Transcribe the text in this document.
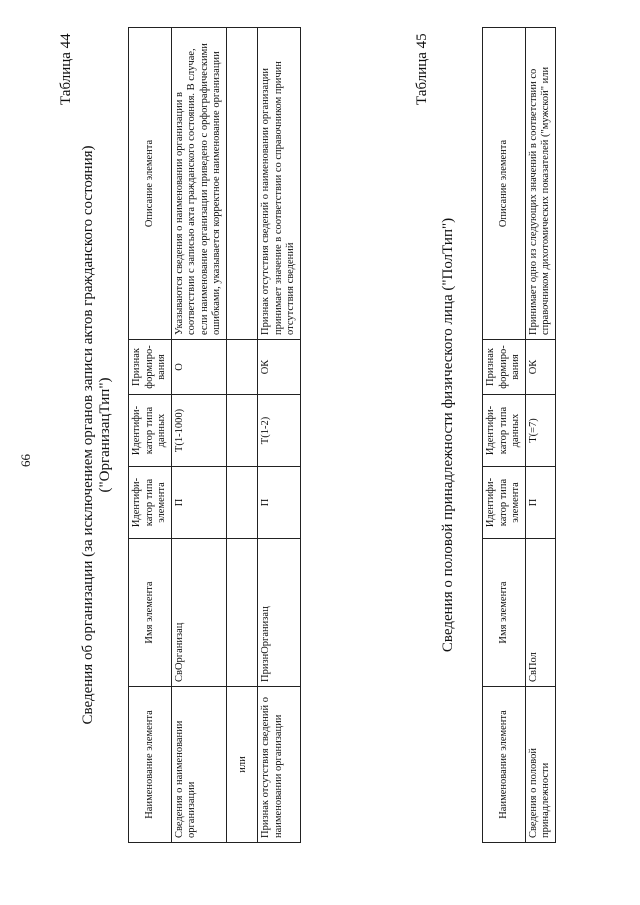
66
Таблица 44
Сведения об организации (за исключением органов записи актов гражданского состояния) ("ОрганизацТип")
Наименование элемента	Имя элемента	Идентифи-катор типа элемента	Идентифи-катор типа данных	Признак формиро-вания	Описание элемента
Сведения о наименовании организации	СвОрганизац	П	T(1-1000)	О	Указываются сведения о наименовании организации в соответствии с записью акта гражданского состояния. В случае, если наименование организации приведено с орфографическими ошибками, указывается корректное наименование организации
или					
Признак отсутствия сведений о наименовании организации	ПризнОрганизац	П	T(1-2)	ОК	Признак отсутствия сведений о наименовании организации принимает значение в соответствии со справочником причин отсутствия сведений
Таблица 45
Сведения о половой принадлежности физического лица ("ПолТип")
Наименование элемента	Имя элемента	Идентифи-катор типа элемента	Идентифи-катор типа данных	Признак формиро-вания	Описание элемента
Сведения о половой принадлежности	СвПол	П	T(=7)	ОК	Принимает одно из следующих значений в соответствии со справочником дихотомических показателей ("мужской" или
